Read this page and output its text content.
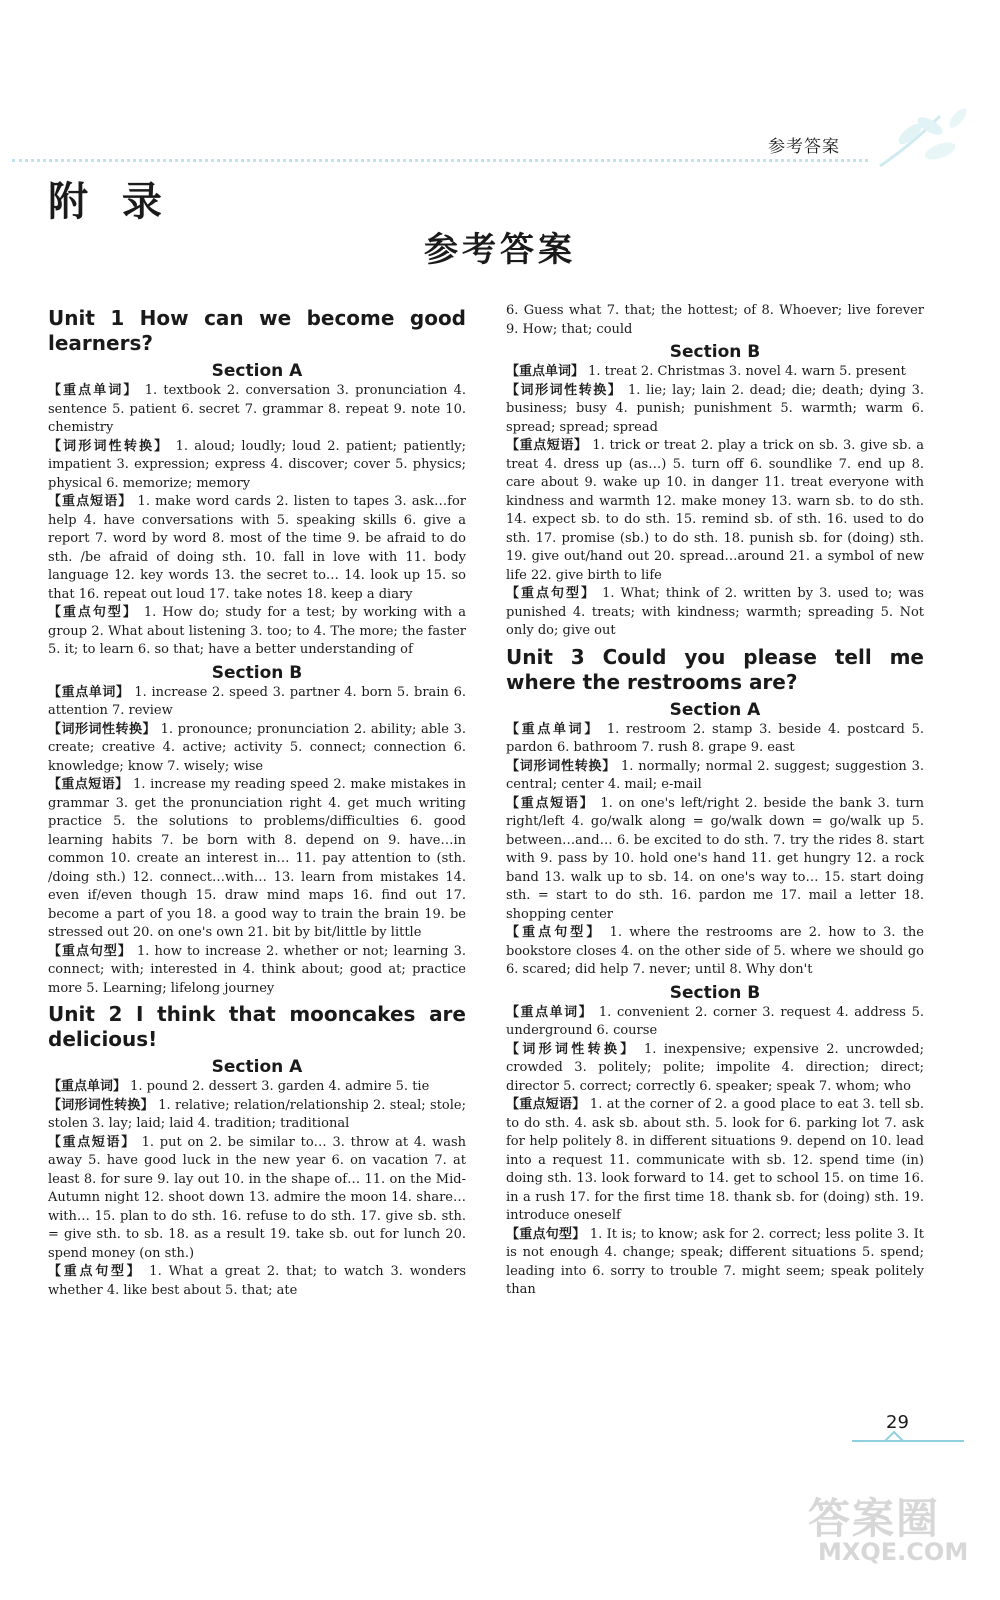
参考答案
附 录
参考答案
Unit 1 How can we become good learners?
Section A

【重点单词】 1. textbook 2. conversation 3. pronunciation 4. sentence 5. patient 6. secret 7. grammar 8. repeat 9. note 10. chemistry

【词形词性转换】 1. aloud; loudly; loud 2. patient; patiently; impatient 3. expression; express 4. discover; cover 5. physics; physical 6. memorize; memory

【重点短语】 1. make word cards 2. listen to tapes 3. ask…for help 4. have conversations with 5. speaking skills 6. give a report 7. word by word 8. most of the time 9. be afraid to do sth. /be afraid of doing sth. 10. fall in love with 11. body language 12. key words 13. the secret to… 14. look up 15. so that 16. repeat out loud 17. take notes 18. keep a diary

【重点句型】 1. How do; study for a test; by working with a group 2. What about listening 3. too; to 4. The more; the faster 5. it; to learn 6. so that; have a better understanding of

Section B

【重点单词】 1. increase 2. speed 3. partner 4. born 5. brain 6. attention 7. review

【词形词性转换】 1. pronounce; pronunciation 2. ability; able 3. create; creative 4. active; activity 5. connect; connection 6. knowledge; know 7. wisely; wise

【重点短语】 1. increase my reading speed 2. make mistakes in grammar 3. get the pronunciation right 4. get much writing practice 5. the solutions to problems/difficulties 6. good learning habits 7. be born with 8. depend on 9. have…in common 10. create an interest in… 11. pay attention to (sth. /doing sth.) 12. connect…with… 13. learn from mistakes 14. even if/even though 15. draw mind maps 16. find out 17. become a part of you 18. a good way to train the brain 19. be stressed out 20. on one's own 21. bit by bit/little by little

【重点句型】 1. how to increase 2. whether or not; learning 3. connect; with; interested in 4. think about; good at; practice more 5. Learning; lifelong journey

Unit 2 I think that mooncakes are delicious!
Section A

【重点单词】 1. pound 2. dessert 3. garden 4. admire 5. tie

【词形词性转换】 1. relative; relation/relationship 2. steal; stole; stolen 3. lay; laid; laid 4. tradition; traditional

【重点短语】 1. put on 2. be similar to… 3. throw at 4. wash away 5. have good luck in the new year 6. on vacation 7. at least 8. for sure 9. lay out 10. in the shape of… 11. on the Mid-Autumn night 12. shoot down 13. admire the moon 14. share…with… 15. plan to do sth. 16. refuse to do sth. 17. give sb. sth. = give sth. to sb. 18. as a result 19. take sb. out for lunch 20. spend money (on sth.)

【重点句型】 1. What a great 2. that; to watch 3. wonders whether 4. like best about 5. that; ate

6. Guess what 7. that; the hottest; of 8. Whoever; live forever 9. How; that; could

Section B

【重点单词】 1. treat 2. Christmas 3. novel 4. warn 5. present

【词形词性转换】 1. lie; lay; lain 2. dead; die; death; dying 3. business; busy 4. punish; punishment 5. warmth; warm 6. spread; spread; spread

【重点短语】 1. trick or treat 2. play a trick on sb. 3. give sb. a treat 4. dress up (as…) 5. turn off 6. soundlike 7. end up 8. care about 9. wake up 10. in danger 11. treat everyone with kindness and warmth 12. make money 13. warn sb. to do sth. 14. expect sb. to do sth. 15. remind sb. of sth. 16. used to do sth. 17. promise (sb.) to do sth. 18. punish sb. for (doing) sth. 19. give out/hand out 20. spread…around 21. a symbol of new life 22. give birth to life

【重点句型】 1. What; think of 2. written by 3. used to; was punished 4. treats; with kindness; warmth; spreading 5. Not only do; give out

Unit 3 Could you please tell me where the restrooms are?
Section A

【重点单词】 1. restroom 2. stamp 3. beside 4. postcard 5. pardon 6. bathroom 7. rush 8. grape 9. east

【词形词性转换】 1. normally; normal 2. suggest; suggestion 3. central; center 4. mail; e-mail

【重点短语】 1. on one's left/right 2. beside the bank 3. turn right/left 4. go/walk along = go/walk down = go/walk up 5. between…and… 6. be excited to do sth. 7. try the rides 8. start with 9. pass by 10. hold one's hand 11. get hungry 12. a rock band 13. walk up to sb. 14. on one's way to… 15. start doing sth. = start to do sth. 16. pardon me 17. mail a letter 18. shopping center

【重点句型】 1. where the restrooms are 2. how to 3. the bookstore closes 4. on the other side of 5. where we should go 6. scared; did help 7. never; until 8. Why don't

Section B

【重点单词】 1. convenient 2. corner 3. request 4. address 5. underground 6. course

【词形词性转换】 1. inexpensive; expensive 2. uncrowded; crowded 3. politely; polite; impolite 4. direction; direct; director 5. correct; correctly 6. speaker; speak 7. whom; who

【重点短语】 1. at the corner of 2. a good place to eat 3. tell sb. to do sth. 4. ask sb. about sth. 5. look for 6. parking lot 7. ask for help politely 8. in different situations 9. depend on 10. lead into a request 11. communicate with sb. 12. spend time (in) doing sth. 13. look forward to 14. get to school 15. on time 16. in a rush 17. for the first time 18. thank sb. for (doing) sth. 19. introduce oneself

【重点句型】 1. It is; to know; ask for 2. correct; less polite 3. It is not enough 4. change; speak; different situations 5. spend; leading into 6. sorry to trouble 7. might seem; speak politely than

29
答案圈
MXQE.COM
